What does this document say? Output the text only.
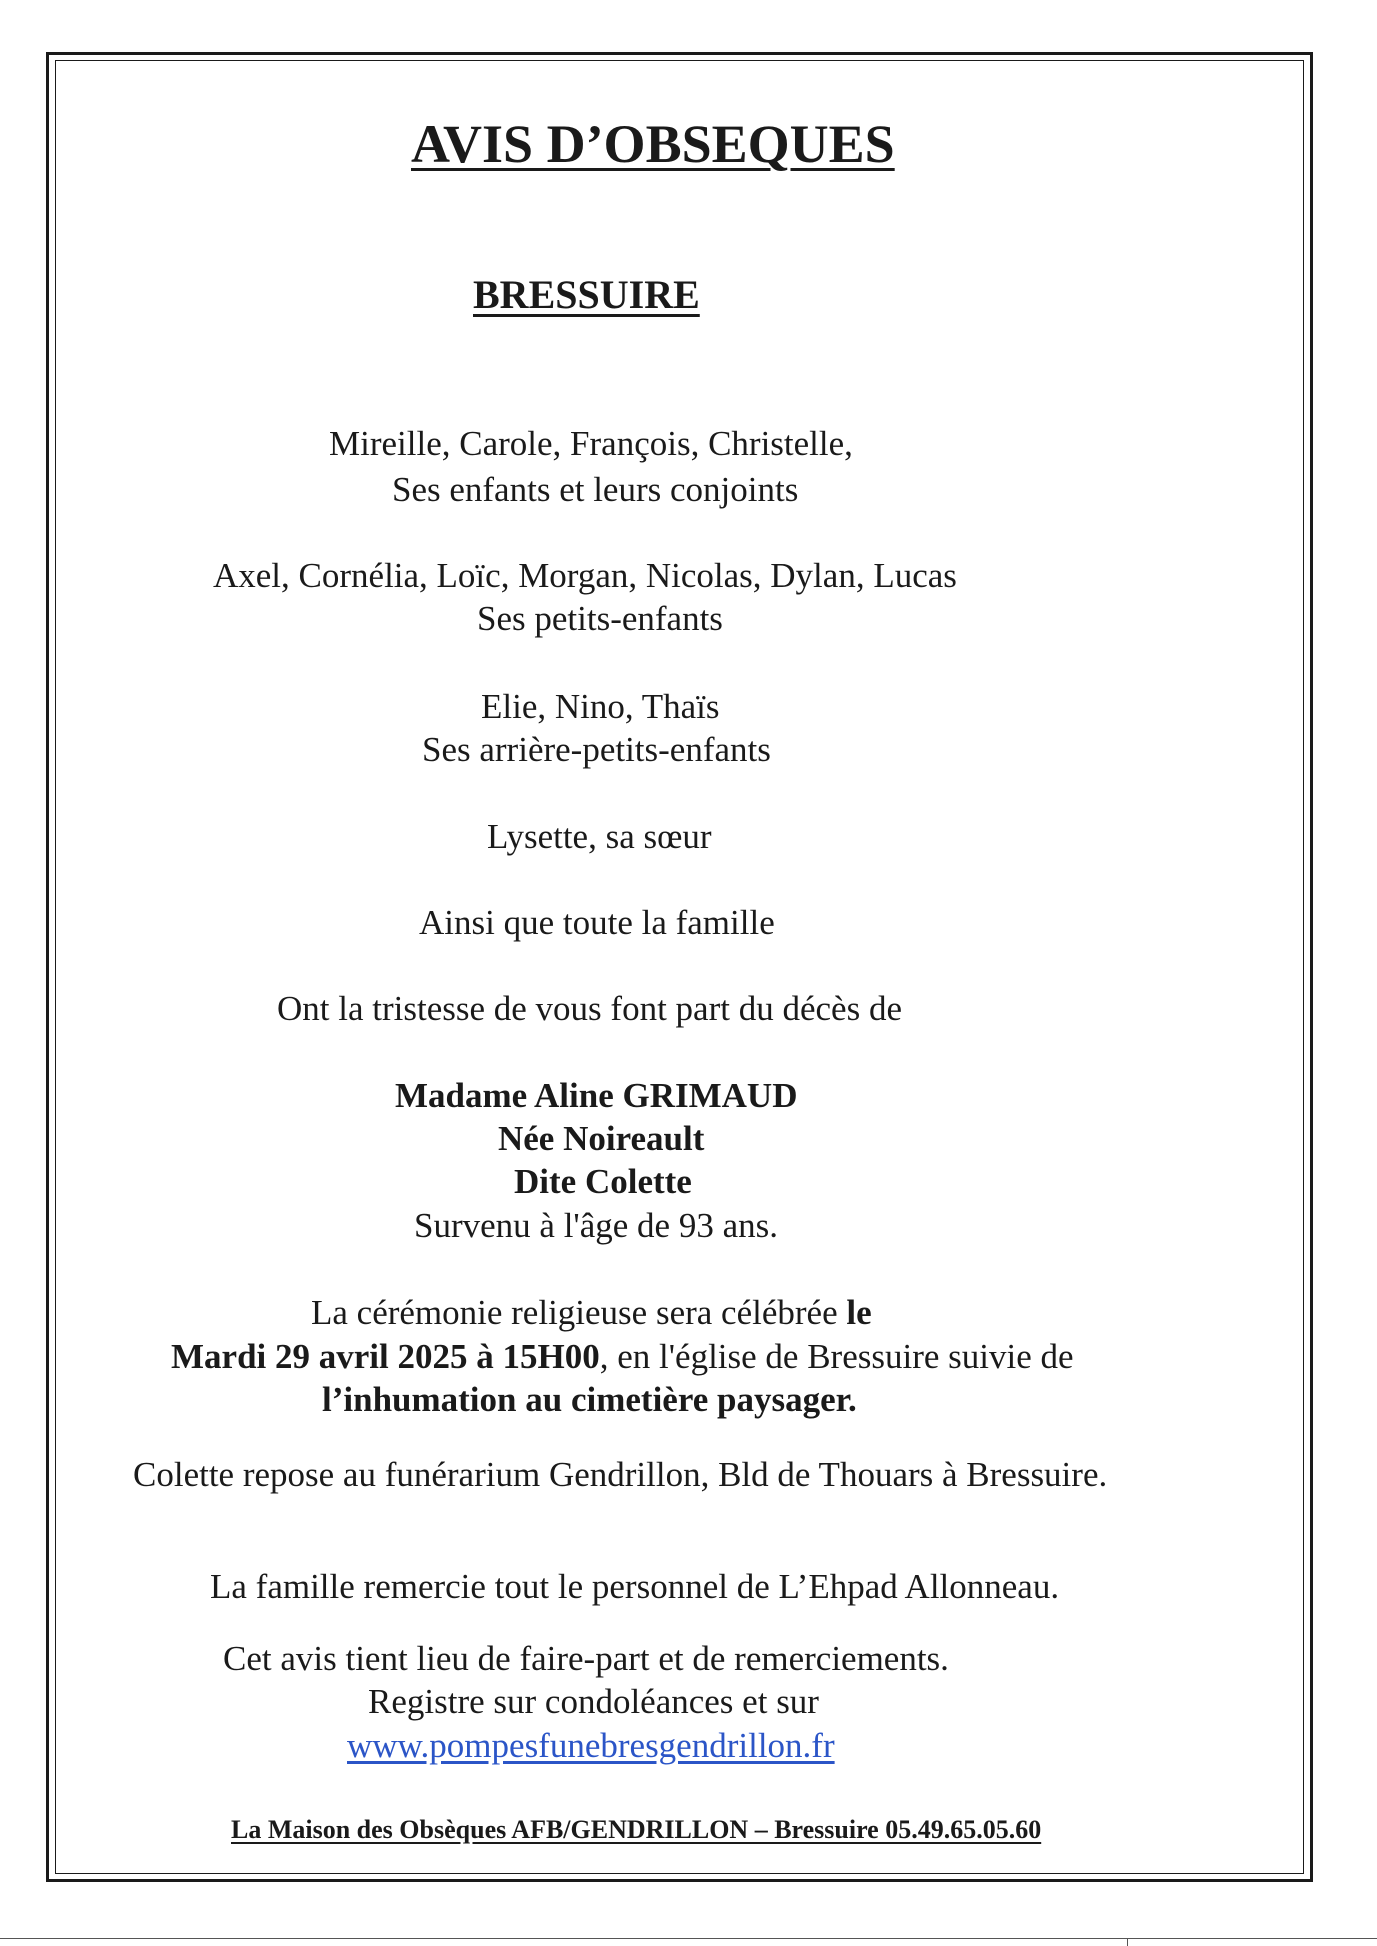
AVIS D’OBSEQUES
BRESSUIRE
Mireille, Carole, François, Christelle,
Ses enfants et leurs conjoints
Axel, Cornélia, Loïc, Morgan, Nicolas, Dylan, Lucas
Ses petits-enfants
Elie, Nino, Thaïs
Ses arrière-petits-enfants
Lysette, sa sœur
Ainsi que toute la famille
Ont la tristesse de vous font part du décès de
Madame Aline GRIMAUD
Née Noireault
Dite Colette
Survenu à l'âge de 93 ans.
La cérémonie religieuse sera célébrée le
Mardi 29 avril 2025 à 15H00, en l'église de Bressuire suivie de
l’inhumation au cimetière paysager.
Colette repose au funérarium Gendrillon, Bld de Thouars à Bressuire.
La famille remercie tout le personnel de L’Ehpad Allonneau.
Cet avis tient lieu de faire-part et de remerciements.
Registre sur condoléances et sur
www.pompesfunebresgendrillon.fr
La Maison des Obsèques AFB/GENDRILLON – Bressuire 05.49.65.05.60
